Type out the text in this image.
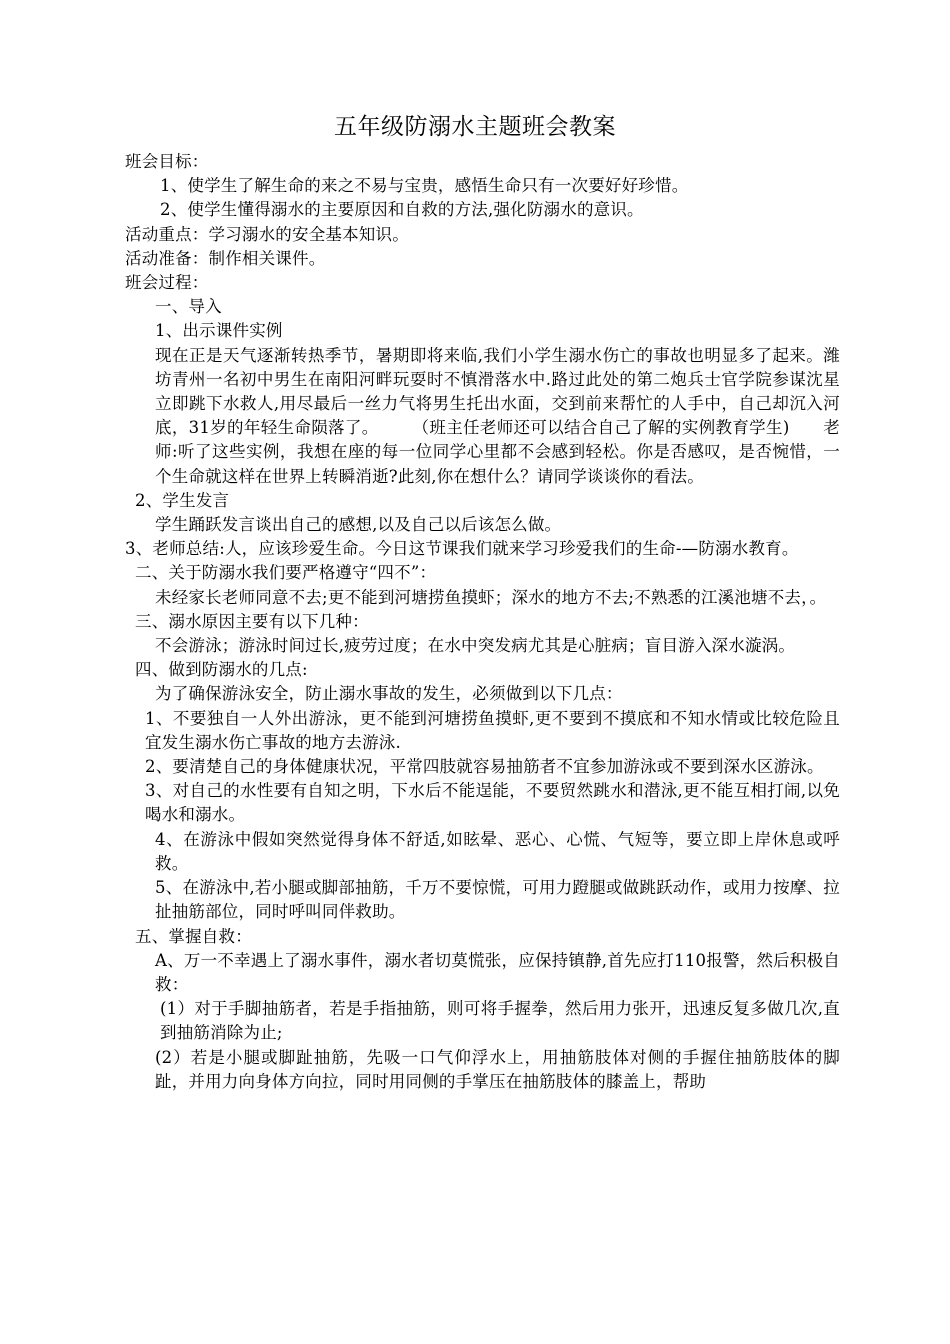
五年级防溺水主题班会教案

班会目标：

1、使学生了解生命的来之不易与宝贵，感悟生命只有一次要好好珍惜。

2、使学生懂得溺水的主要原因和自救的方法,强化防溺水的意识。

活动重点：学习溺水的安全基本知识。

活动准备：制作相关课件。

班会过程：

一、导入

1、出示课件实例

现在正是天气逐渐转热季节，暑期即将来临,我们小学生溺水伤亡的事故也明显多了起来。潍坊青州一名初中男生在南阳河畔玩耍时不慎滑落水中.路过此处的第二炮兵士官学院参谋沈星立即跳下水救人,用尽最后一丝力气将男生托出水面，交到前来帮忙的人手中，自己却沉入河底，31岁的年轻生命陨落了。　　　（班主任老师还可以结合自己了解的实例教育学生)　　老师:听了这些实例，我想在座的每一位同学心里都不会感到轻松。你是否感叹，是否惋惜，一个生命就这样在世界上转瞬消逝?此刻,你在想什么？请同学谈谈你的看法。

2、学生发言

学生踊跃发言谈出自己的感想,以及自己以后该怎么做。

3、老师总结:人，应该珍爱生命。今日这节课我们就来学习珍爱我们的生命-—防溺水教育。

二、关于防溺水我们要严格遵守“四不”：

未经家长老师同意不去;更不能到河塘捞鱼摸虾；深水的地方不去;不熟悉的江溪池塘不去，。

三、溺水原因主要有以下几种：

不会游泳；游泳时间过长,疲劳过度；在水中突发病尤其是心脏病；盲目游入深水漩涡。

四、做到防溺水的几点:

为了确保游泳安全，防止溺水事故的发生，必须做到以下几点：

1、不要独自一人外出游泳，更不能到河塘捞鱼摸虾,更不要到不摸底和不知水情或比较危险且宜发生溺水伤亡事故的地方去游泳.

2、要清楚自己的身体健康状况，平常四肢就容易抽筋者不宜参加游泳或不要到深水区游泳。

3、对自己的水性要有自知之明，下水后不能逞能，不要贸然跳水和潜泳,更不能互相打闹,以免喝水和溺水。

4、在游泳中假如突然觉得身体不舒适,如眩晕、恶心、心慌、气短等，要立即上岸休息或呼救。

5、在游泳中,若小腿或脚部抽筋，千万不要惊慌，可用力蹬腿或做跳跃动作，或用力按摩、拉扯抽筋部位，同时呼叫同伴救助。

五、掌握自救：

A、万一不幸遇上了溺水事件，溺水者切莫慌张，应保持镇静,首先应打110报警，然后积极自救：

(1）对于手脚抽筋者，若是手指抽筋，则可将手握拳，然后用力张开，迅速反复多做几次,直到抽筋消除为止;

(2）若是小腿或脚趾抽筋，先吸一口气仰浮水上，用抽筋肢体对侧的手握住抽筋肢体的脚趾，并用力向身体方向拉，同时用同侧的手掌压在抽筋肢体的膝盖上，帮助
